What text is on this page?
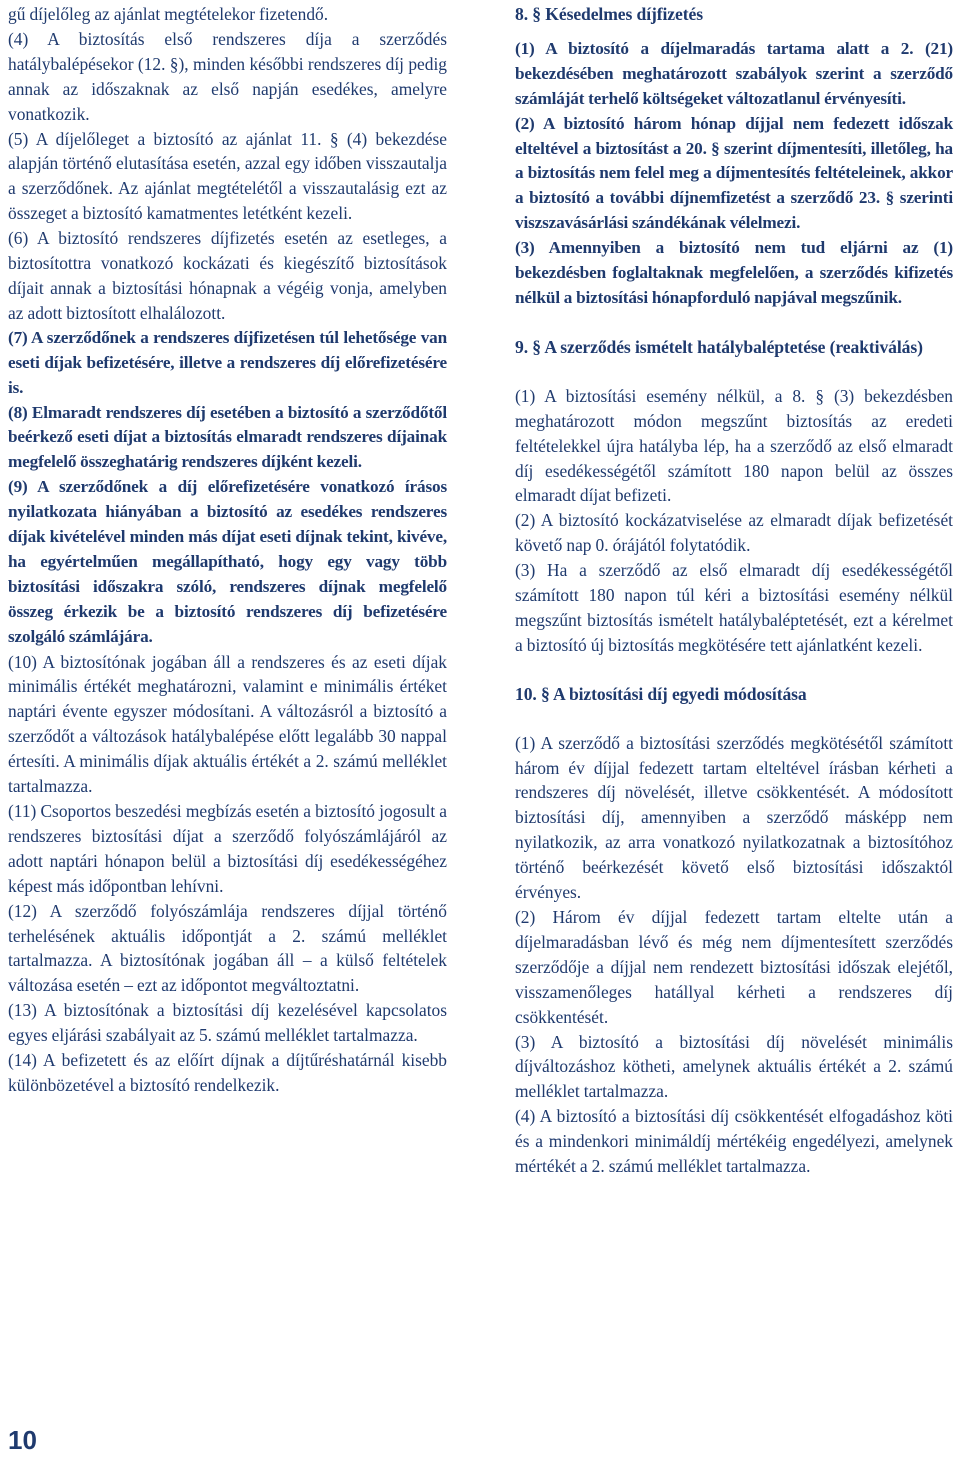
gű díjelőleg az ajánlat megtételekor fizetendő.

(4) A biztosítás első rendszeres díja a szerződés hatálybalépésekor (12. §), minden későbbi rendszeres díj pedig annak az időszaknak az első napján esedékes, amelyre vonatkozik.

(5) A díjelőleget a biztosító az ajánlat 11. § (4) bekezdése alapján történő elutasítása esetén, azzal egy időben visszautalja a szerződőnek. Az ajánlat megtételétől a visszautalásig ezt az összeget a biztosító kamatmentes letétként kezeli.

(6) A biztosító rendszeres díjfizetés esetén az esetleges, a biztosítottra vonatkozó kockázati és kiegészítő biztosítások díjait annak a biztosítási hónapnak a végéig vonja, amelyben az adott biztosított elhalálozott.

(7) A szerződőnek a rendszeres díjfizetésen túl lehetősége van eseti díjak befizetésére, illetve a rendszeres díj előrefizetésére is.

(8) Elmaradt rendszeres díj esetében a biztosító a szerződőtől beérkező eseti díjat a biztosítás elmaradt rendszeres díjainak megfelelő összeghatárig rendszeres díjként kezeli.

(9) A szerződőnek a díj előrefizetésére vonatkozó írásos nyilatkozata hiányában a biztosító az esedékes rendszeres díjak kivételével minden más díjat eseti díjnak tekint, kivéve, ha egyértelműen megállapítható, hogy egy vagy több biztosítási időszakra szóló, rendszeres díjnak megfelelő összeg érkezik be a biztosító rendszeres díj befizetésére szolgáló számlájára.

(10) A biztosítónak jogában áll a rendszeres és az eseti díjak minimális értékét meghatározni, valamint e minimális értéket naptári évente egyszer módosítani. A változásról a biztosító a szerződőt a változások hatálybalépése előtt legalább 30 nappal értesíti. A minimális díjak aktuális értékét a 2. számú melléklet tartalmazza.

(11) Csoportos beszedési megbízás esetén a biztosító jogosult a rendszeres biztosítási díjat a szerződő folyószámlájáról az adott naptári hónapon belül a biztosítási díj esedékességéhez képest más időpontban lehívni.

(12) A szerződő folyószámlája rendszeres díjjal történő terhelésének aktuális időpontját a 2. számú melléklet tartalmazza. A biztosítónak jogában áll – a külső feltételek változása esetén – ezt az időpontot megváltoztatni.

(13) A biztosítónak a biztosítási díj kezelésével kapcsolatos egyes eljárási szabályait az 5. számú melléklet tartalmazza.

(14) A befizetett és az előírt díjnak a díjtűréshatárnál kisebb különbözetével a biztosító rendelkezik.

8. § Késedelmes díjfizetés

(1) A biztosító a díjelmaradás tartama alatt a 2. (21) bekezdésében meghatározott szabályok szerint a szerződő számláját terhelő költségeket változatlanul érvényesíti.

(2) A biztosító három hónap díjjal nem fedezett időszak elteltével a biztosítást a 20. § szerint díjmentesíti, illetőleg, ha a biztosítás nem felel meg a díjmentesítés feltételeinek, akkor a biztosító a további díjnemfizetést a szerződő 23. § szerinti viszszavásárlási szándékának vélelmezi.

(3) Amennyiben a biztosító nem tud eljárni az (1) bekezdésben foglaltaknak megfelelően, a szerződés kifizetés nélkül a biztosítási hónapforduló napjával megszűnik.

9. § A szerződés ismételt hatálybaléptetése (reaktiválás)

(1) A biztosítási esemény nélkül, a 8. § (3) bekezdésben meghatározott módon megszűnt biztosítás az eredeti feltételekkel újra hatályba lép, ha a szerződő az első elmaradt díj esedékességétől számított 180 napon belül az összes elmaradt díjat befizeti.

(2) A biztosító kockázatviselése az elmaradt díjak befizetését követő nap 0. órájától folytatódik.

(3) Ha a szerződő az első elmaradt díj esedékességétől számított 180 napon túl kéri a biztosítási esemény nélkül megszűnt biztosítás ismételt hatálybaléptetését, ezt a kérelmet a biztosító új biztosítás megkötésére tett ajánlatként kezeli.

10. § A biztosítási díj egyedi módosítása

(1) A szerződő a biztosítási szerződés megkötésétől számított három év díjjal fedezett tartam elteltével írásban kérheti a rendszeres díj növelését, illetve csökkentését. A módosított biztosítási díj, amennyiben a szerződő másképp nem nyilatkozik, az arra vonatkozó nyilatkozatnak a biztosítóhoz történő beérkezését követő első biztosítási időszaktól érvényes.

(2) Három év díjjal fedezett tartam eltelte után a díjelmaradásban lévő és még nem díjmentesített szerződés szerződője a díjjal nem rendezett biztosítási időszak elejétől, visszamenőleges hatállyal kérheti a rendszeres díj csökkentését.

(3) A biztosító a biztosítási díj növelését minimális díjváltozáshoz kötheti, amelynek aktuális értékét a 2. számú melléklet tartalmazza.

(4) A biztosító a biztosítási díj csökkentését elfogadáshoz köti és a mindenkori minimáldíj mértékéig engedélyezi, amelynek mértékét a 2. számú melléklet tartalmazza.

10
